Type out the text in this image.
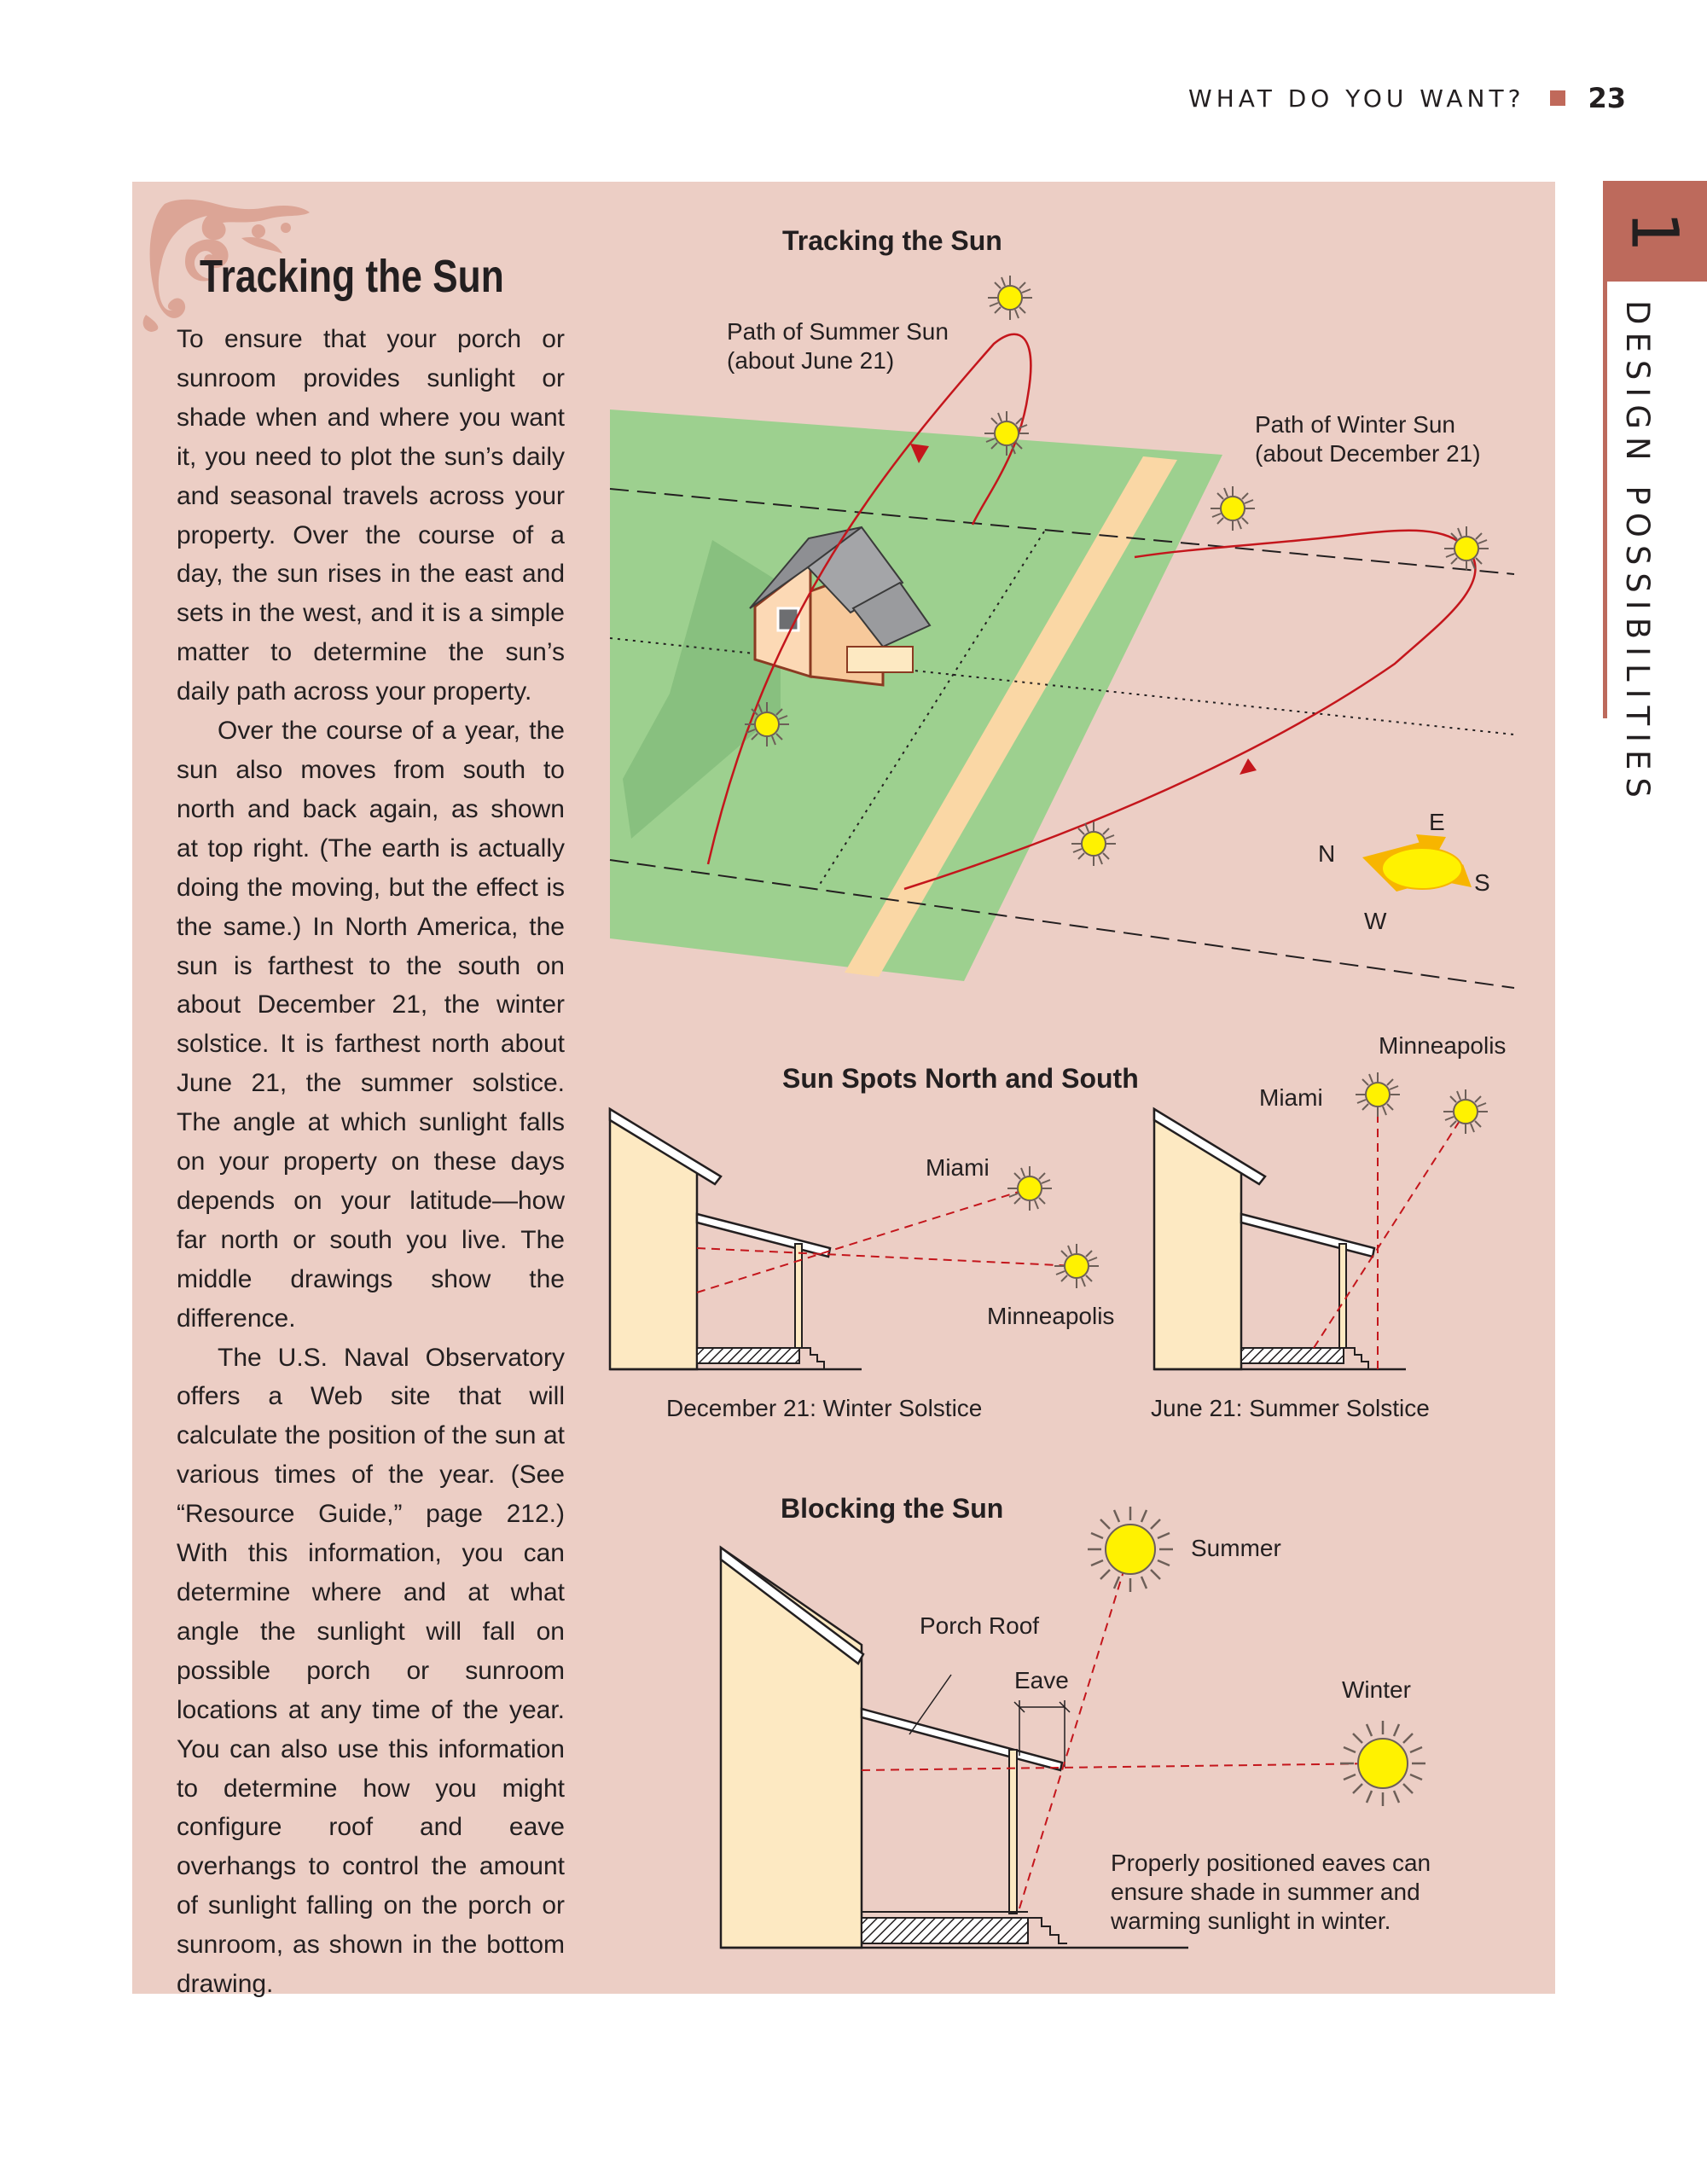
WHAT DO YOU WANT? 23
1
DESIGN POSSIBILITIES
Tracking the Sun

To ensure that your porch or sunroom provides sunlight or shade when and where you want it, you need to plot the sun’s daily and seasonal travels across your property. Over the course of a day, the sun rises in the east and sets in the west, and it is a simple matter to determine the sun’s daily path across your property.

Over the course of a year, the sun also moves from south to north and back again, as shown at top right. (The earth is actually doing the moving, but the effect is the same.) In North America, the sun is farthest to the south on about December 21, the winter solstice. It is farthest north about June 21, the summer solstice. The angle at which sunlight falls on your property on these days depends on your latitude—how far north or south you live. The middle drawings show the difference.

The U.S. Naval Observatory offers a Web site that will calculate the position of the sun at various times of the year. (See “Resource Guide,” page 212.) With this information, you can determine where and at what angle the sunlight will fall on possible porch or sunroom locations at any time of the year. You can also use this information to determine how you might configure roof and eave overhangs to control the amount of sunlight falling on the porch or sunroom, as shown in the bottom drawing.

Tracking the Sun
Path of Summer Sun
(about June 21)
Path of Winter Sun
(about December 21)
N
E
S
W
Sun Spots North and South
Miami
Minneapolis
December 21: Winter Solstice
Miami
Minneapolis
June 21: Summer Solstice
Blocking the Sun
Summer
Winter
Porch Roof
Eave
Properly positioned eaves can
ensure shade in summer and
warming sunlight in winter.
